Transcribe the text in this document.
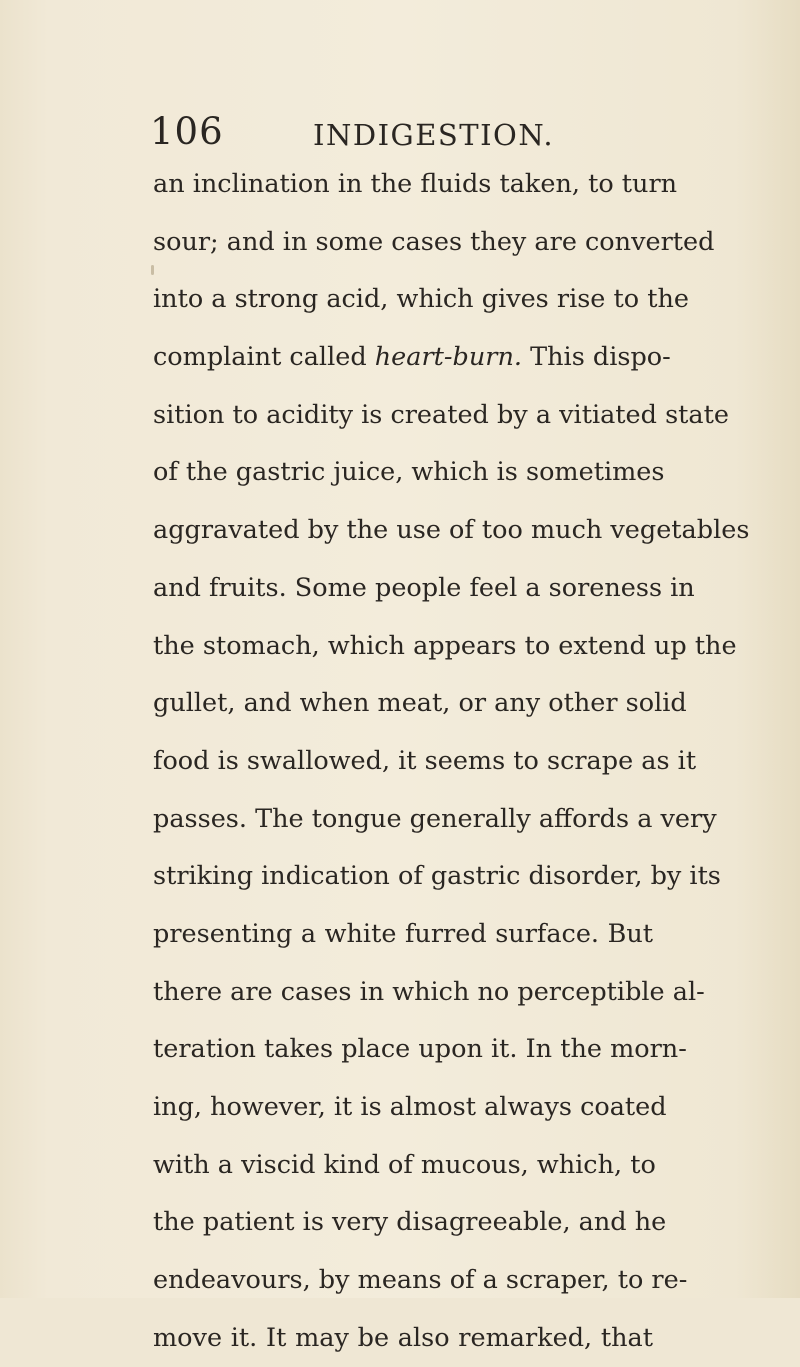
106	INDIGESTION.
an inclination in the fluids taken, to turn
sour; and in some cases they are converted
into a strong acid, which gives rise to the
complaint called heart-burn. This dispo-
sition to acidity is created by a vitiated state
of the gastric juice, which is sometimes
aggravated by the use of too much vegetables
and fruits. Some people feel a soreness in
the stomach, which appears to extend up the
gullet, and when meat, or any other solid
food is swallowed, it seems to scrape as it
passes. The tongue generally affords a very
striking indication of gastric disorder, by its
presenting a white furred surface. But
there are cases in which no perceptible al-
teration takes place upon it. In the morn-
ing, however, it is almost always coated
with a viscid kind of mucous, which, to
the patient is very disagreeable, and he
endeavours, by means of a scraper, to re-
move it. It may be also remarked, that
